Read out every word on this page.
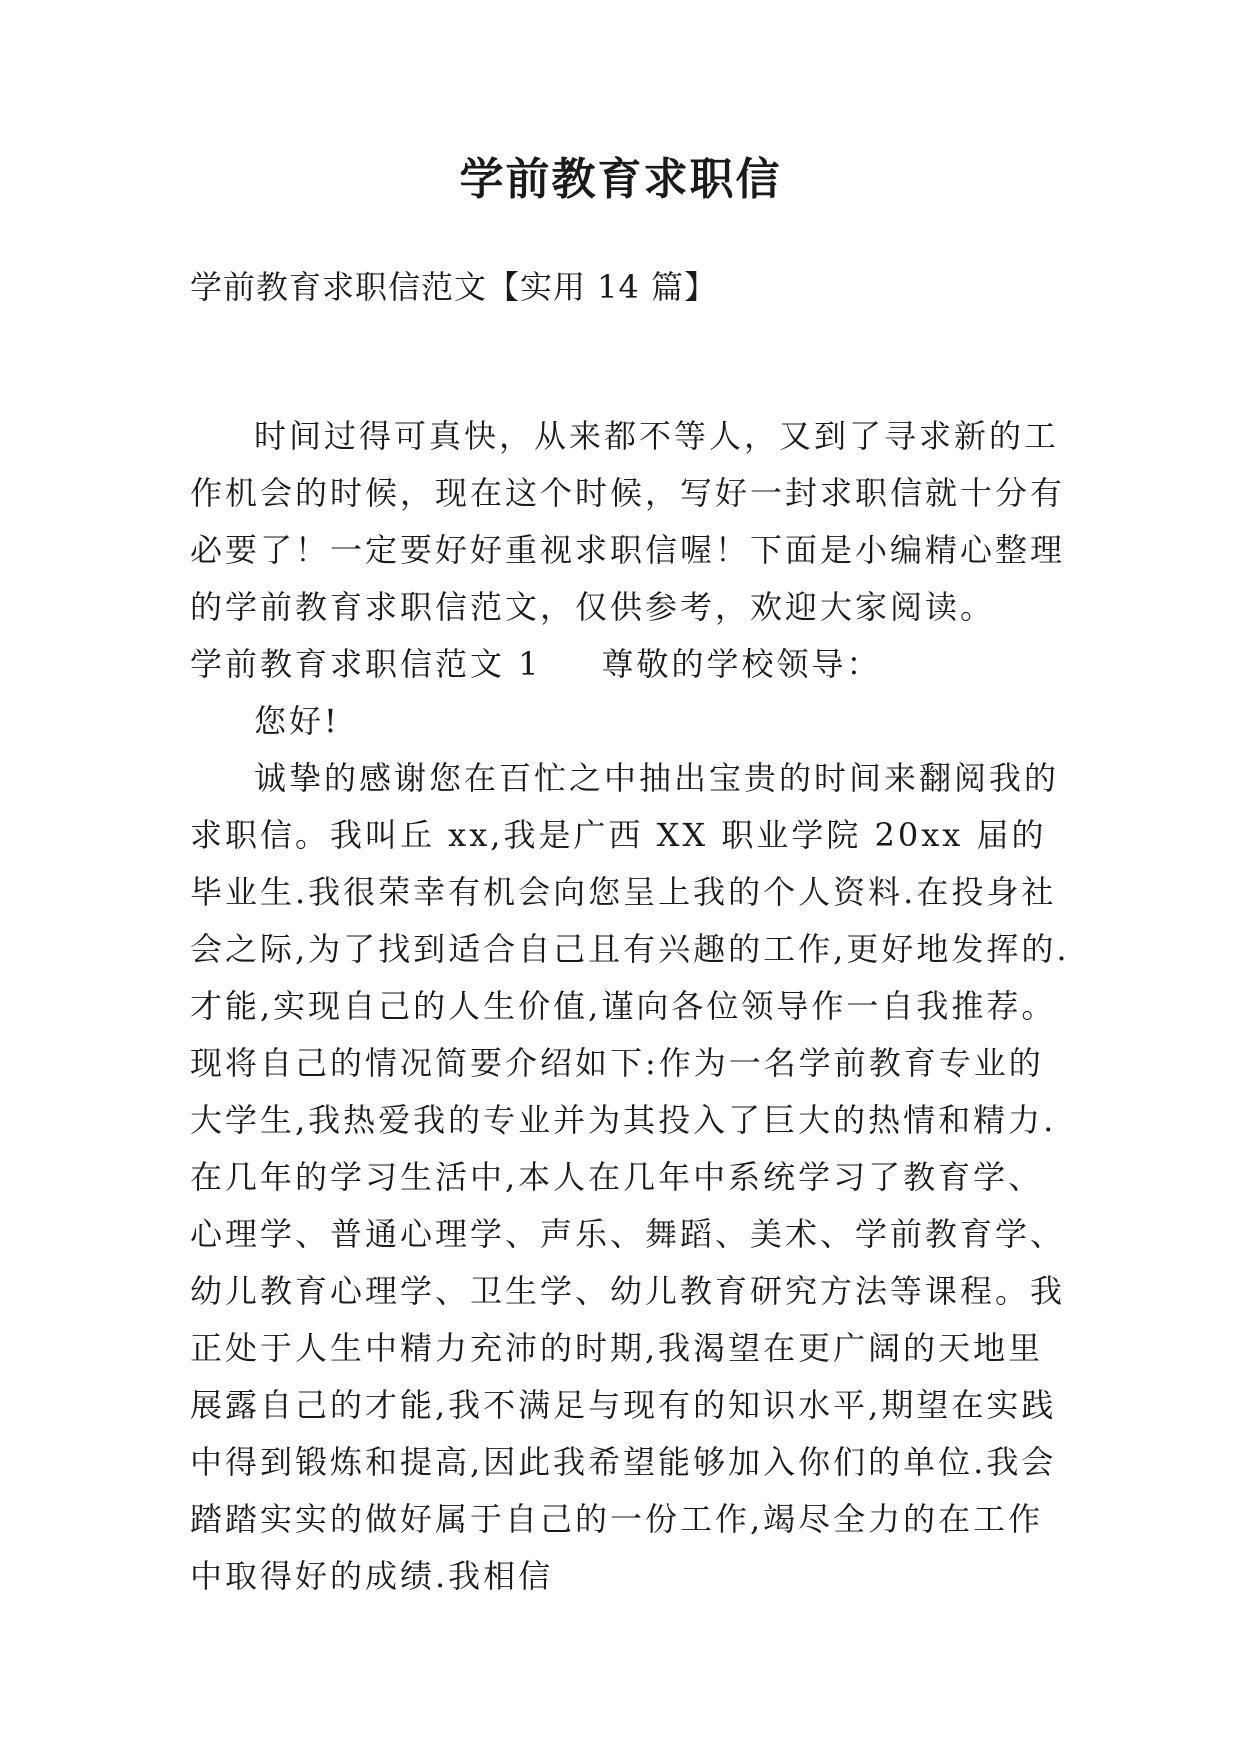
学前教育求职信
学前教育求职信范文【实用 14 篇】

时间过得可真快，从来都不等人，又到了寻求新的工作机会的时候，现在这个时候，写好一封求职信就十分有必要了！一定要好好重视求职信喔！下面是小编精心整理的学前教育求职信范文，仅供参考，欢迎大家阅读。

学前教育求职信范文 1 尊敬的学校领导：

您好!

诚挚的感谢您在百忙之中抽出宝贵的时间来翻阅我的求职信。我叫丘 xx,我是广西 XX 职业学院 20xx 届的毕业生.我很荣幸有机会向您呈上我的个人资料.在投身社会之际,为了找到适合自己且有兴趣的工作,更好地发挥的.才能,实现自己的人生价值,谨向各位领导作一自我推荐。现将自己的情况简要介绍如下:作为一名学前教育专业的大学生,我热爱我的专业并为其投入了巨大的热情和精力.在几年的学习生活中,本人在几年中系统学习了教育学、心理学、普通心理学、声乐、舞蹈、美术、学前教育学、幼儿教育心理学、卫生学、幼儿教育研究方法等课程。我正处于人生中精力充沛的时期,我渴望在更广阔的天地里展露自己的才能,我不满足与现有的知识水平,期望在实践中得到锻炼和提高,因此我希望能够加入你们的单位.我会踏踏实实的做好属于自己的一份工作,竭尽全力的在工作中取得好的成绩.我相信
